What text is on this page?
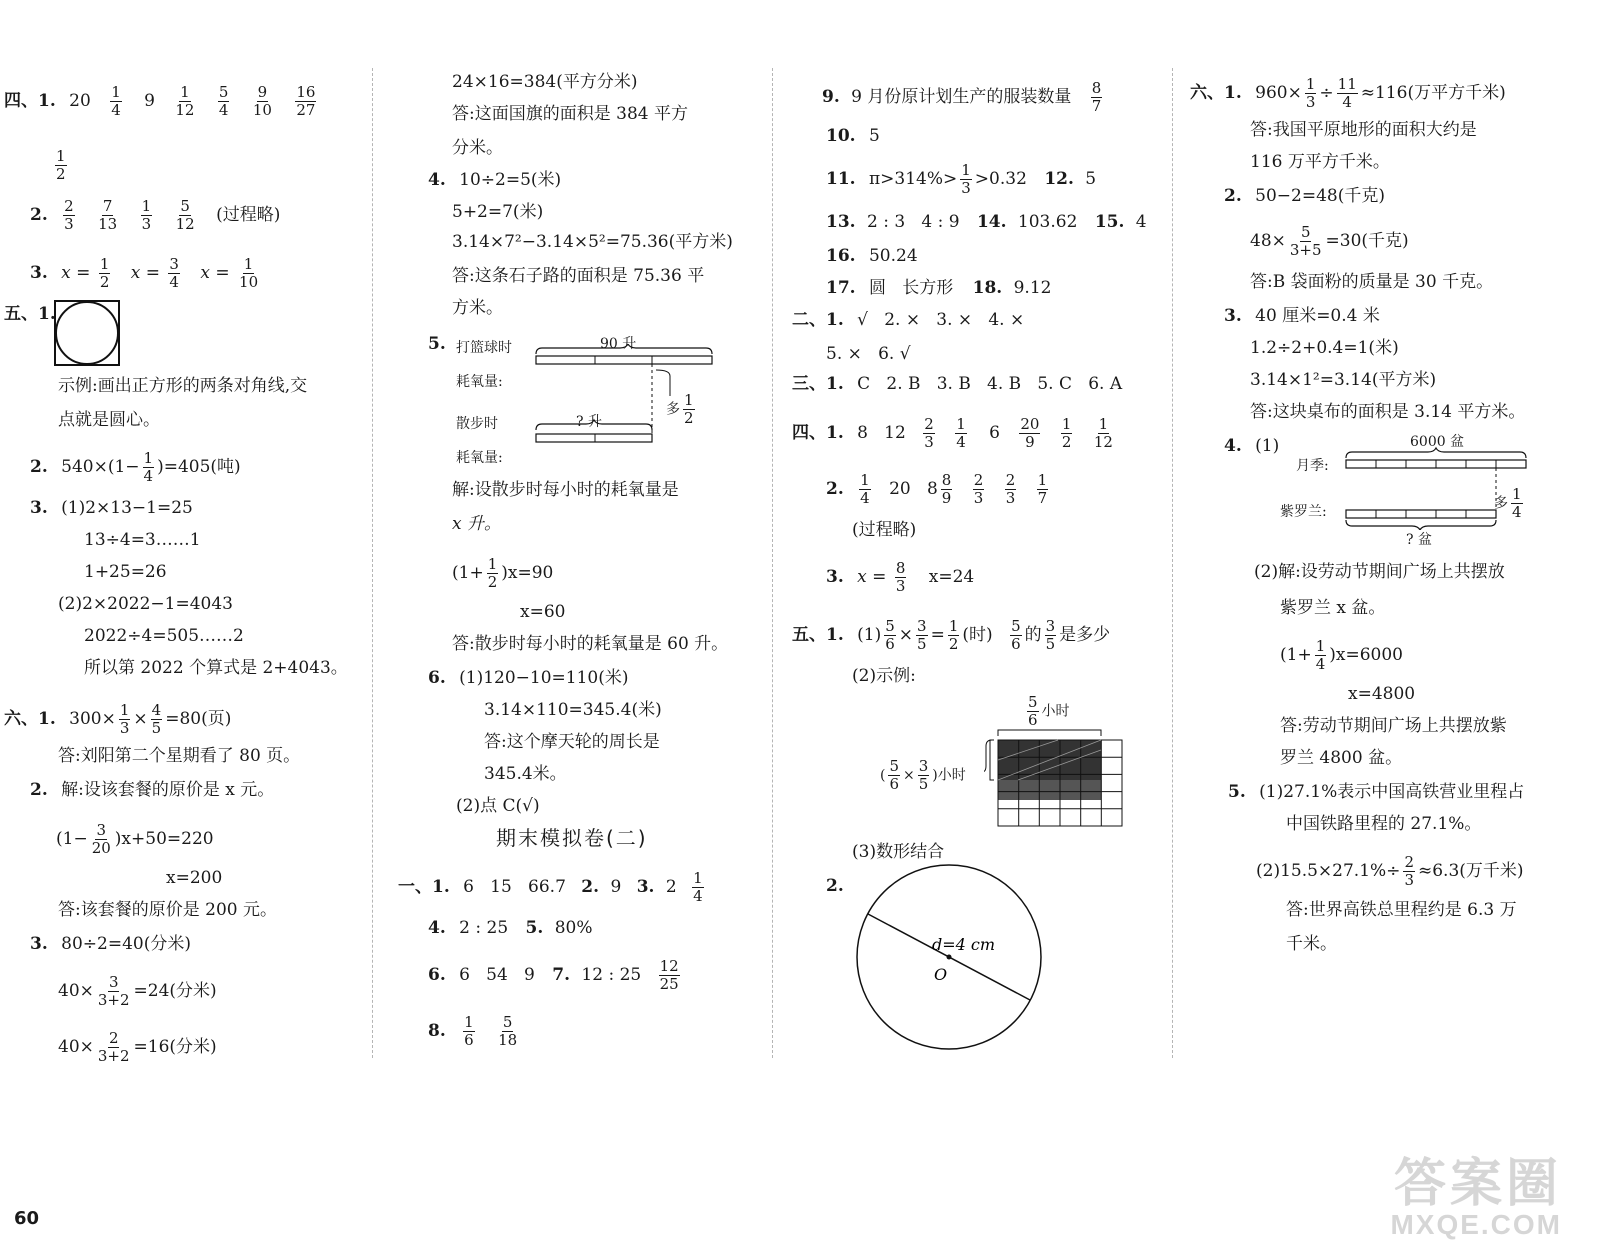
四、1. $20 \frac{1}{4} 9 \frac{1}{12}$
$\frac{5}{4}$
$\frac{9}{10}$
$\frac{16}{27}$
$\frac{1}{2}$
2. $\frac{2}{3}$
$\frac{7}{13}$
$\frac{1}{3}$
$\frac{5}{12}$ (过程略)
3. $x = \frac{1}{2}$ $x = \frac{3}{4}$ $x = \frac{1}{10}$
五、1.
示例:画出正方形的两条对角线,交
点就是圆心。
2. $540\times(1- \frac{1}{4} )=405$(吨)
3. (1)2×13−1=25
13÷4=3……1
1+25=26
(2)2×2022−1=4043
2022÷4=505……2
所以第 2022 个算式是 2+4043。
六、1. $300\times \frac{1}{3} \times \frac{4}{5} =80$(页)
答:刘阳第二个星期看了 80 页。
2. 解:设该套餐的原价是 x 元。
$(1- \frac{3}{20} )x+50=220$
x=200
答:该套餐的原价是 200 元。
3. 80÷2=40(分米)
$40\times \frac{3}{3+2} =24$(分米)
$40\times \frac{2}{3+2} =16$(分米)
24×16=384(平方分米)
答:这面国旗的面积是 384 平方
分米。
4. 10÷2=5(米)
5+2=7(米)
3.14×7²−3.14×5²=75.36(平方米)
答:这条石子路的面积是 75.36 平
方米。
5. 打篮球时
耗氧量:
90 升
多 $\frac{1}{2}$
散步时
耗氧量:
? 升
解:设散步时每小时的耗氧量是
x 升。
$(1+ \frac{1}{2} )x=90$
x=60
答:散步时每小时的耗氧量是 60 升。
6. (1)120−10=110(米)
3.14×110=345.4(米)
答:这个摩天轮的周长是
345.4米。
(2)点 C(√)
期末模拟卷(二)
一、1. 6   15   66.7 2. 9 3. $2 \frac{1}{4}$
4. 2 : 25 5. 80%
6. 6   54   9 7. 12 : $25 \frac{12}{25}$
8. $\frac{1}{6}$
$\frac{5}{18}$
9. 9 月份原计划生产的服装数量 $\frac{8}{7}$
10. 5
11. $\pi>314\%> \frac{1}{3} >0.32$ 12. 5
13. 2 : 3   4 : 9 14. 103.62 15. 4
16. 50.24
17. 圆   长方形 18. 9.12
二、1. √   2. ×   3. ×   4. ×
5. ×   6. √
三、1. C   2. B   3. B   4. B   5. C   6. A
四、1. 8   $12 \frac{2}{3}$
$\frac{1}{4} 6 \frac{20}{9}$
$\frac{1}{2}$
$\frac{1}{12}$
2. $\frac{1}{4} 20$   $8 \frac{8}{9}$
$\frac{2}{3}$
$\frac{2}{3}$
$\frac{1}{7}$
(过程略)
3. $x = \frac{8}{3} x=24$
五、1. $(1) \frac{5}{6} \times \frac{3}{5} = \frac{1}{2}$ (时) $\frac{5}{6}$ 的 $\frac{3}{5}$ 是多少
(2)示例:
$\frac{5}{6}$ 小时
( $\frac{5}{6} \times \frac{3}{5}$ )小时
(3)数形结合
2.
d=4 cm
O
六、1. $960\times \frac{1}{3} \div \frac{11}{4} \approx 116$(万平方千米)
答:我国平原地形的面积大约是
116 万平方千米。
2. 50−2=48(千克)
$48\times \frac{5}{3+5} =30$(千克)
答:B 袋面粉的质量是 30 千克。
3. 40 厘米=0.4 米
1.2÷2+0.4=1(米)
3.14×1²=3.14(平方米)
答:这块桌布的面积是 3.14 平方米。
4. (1)	6000 盆
月季:
紫罗兰:
多 $\frac{1}{4}$
? 盆
(2)解:设劳动节期间广场上共摆放
紫罗兰 x 盆。
$(1+ \frac{1}{4} )x=6000$
x=4800
答:劳动节期间广场上共摆放紫
罗兰 4800 盆。
5. (1)27.1%表示中国高铁营业里程占
中国铁路里程的 27.1%。
$(2)15.5\times 27.1\%\div \frac{2}{3} \approx 6.3$(万千米)
答:世界高铁总里程约是 6.3 万
千米。
60
答案圈
MXQE.COM
